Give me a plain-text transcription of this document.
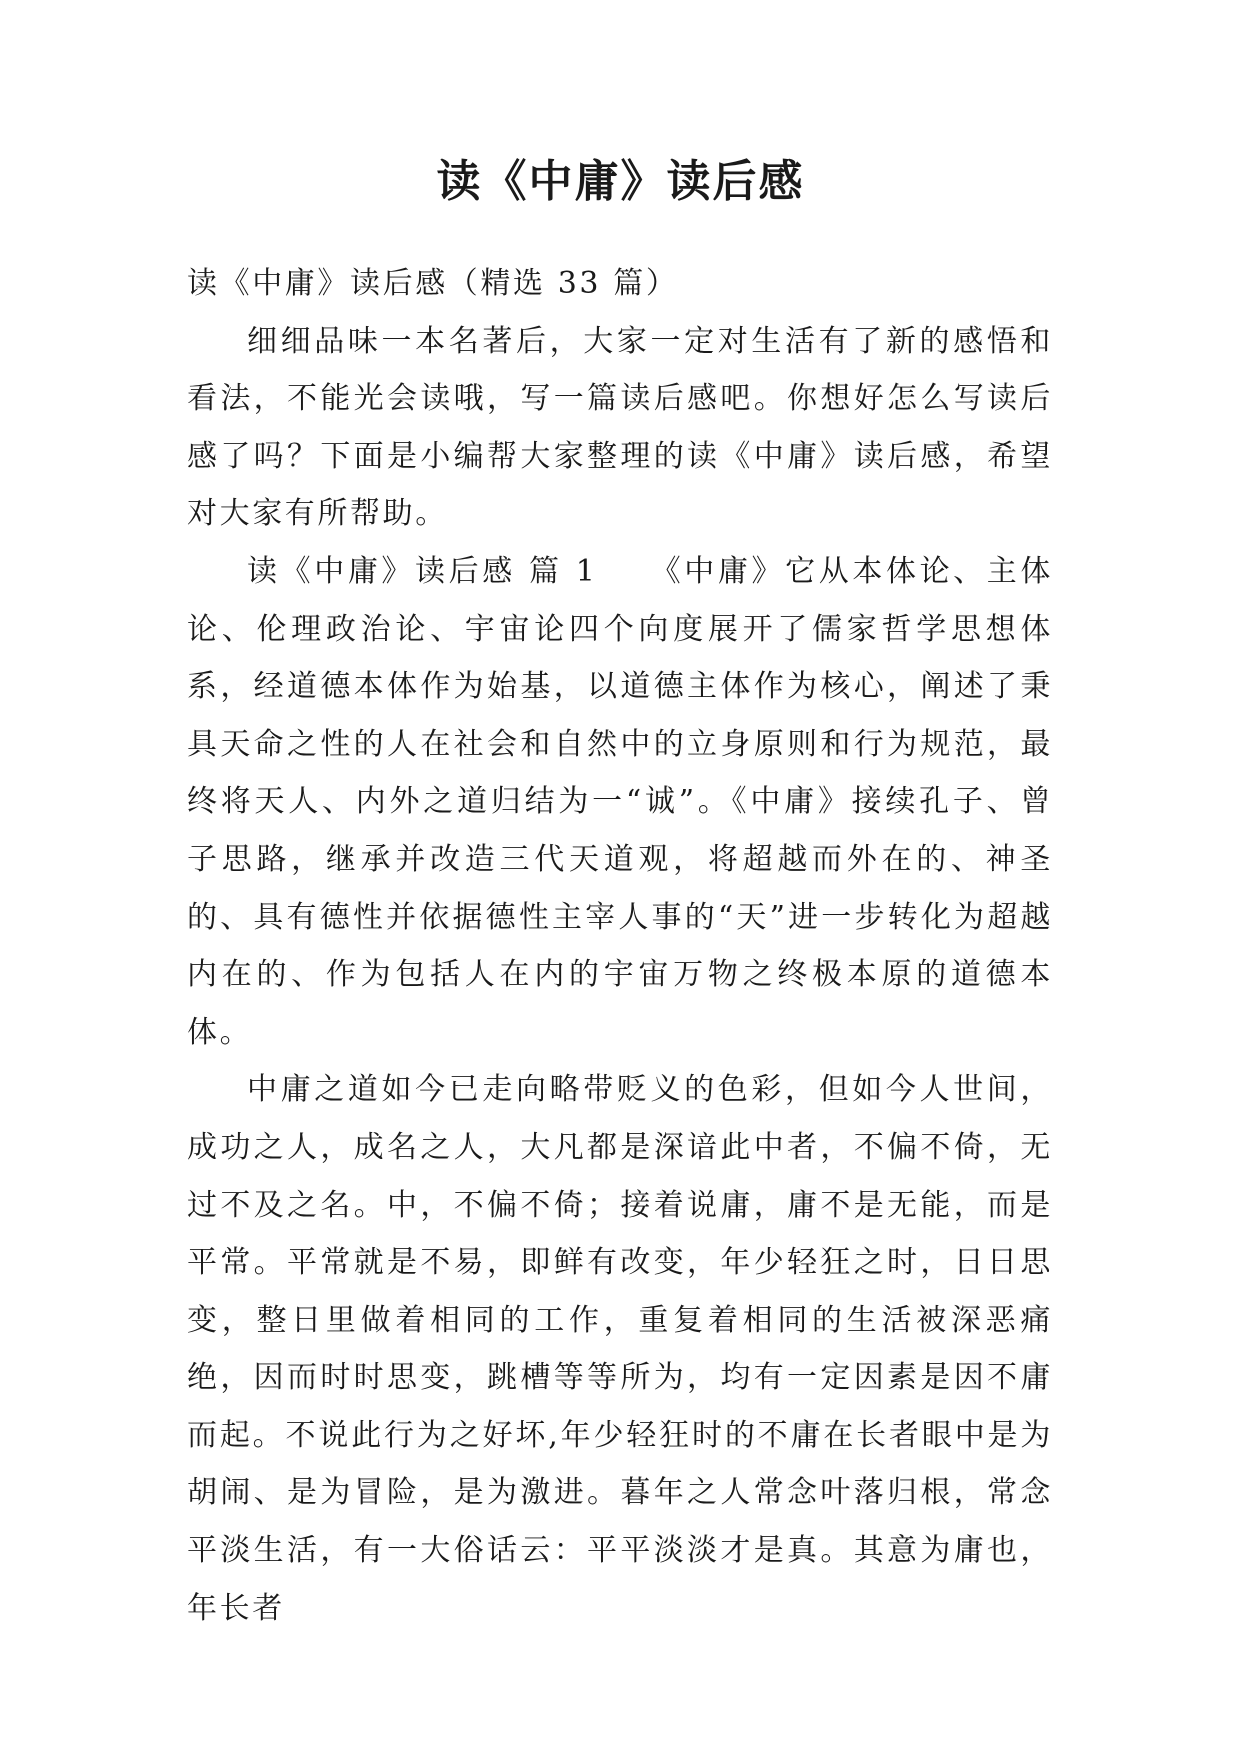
读《中庸》读后感

读《中庸》读后感（精选 33 篇）

细细品味一本名著后，大家一定对生活有了新的感悟和看法，不能光会读哦，写一篇读后感吧。你想好怎么写读后感了吗？下面是小编帮大家整理的读《中庸》读后感，希望对大家有所帮助。

读《中庸》读后感 篇 1　　《中庸》它从本体论、主体论、伦理政治论、宇宙论四个向度展开了儒家哲学思想体系，经道德本体作为始基，以道德主体作为核心，阐述了秉具天命之性的人在社会和自然中的立身原则和行为规范，最终将天人、内外之道归结为一“诚”。《中庸》接续孔子、曾子思路，继承并改造三代天道观，将超越而外在的、神圣的、具有德性并依据德性主宰人事的“天”进一步转化为超越内在的、作为包括人在内的宇宙万物之终极本原的道德本体。

中庸之道如今已走向略带贬义的色彩，但如今人世间，成功之人，成名之人，大凡都是深谙此中者，不偏不倚，无过不及之名。中，不偏不倚；接着说庸，庸不是无能，而是平常。平常就是不易，即鲜有改变，年少轻狂之时，日日思变，整日里做着相同的工作，重复着相同的生活被深恶痛绝，因而时时思变，跳槽等等所为，均有一定因素是因不庸而起。不说此行为之好坏,年少轻狂时的不庸在长者眼中是为胡闹、是为冒险，是为激进。暮年之人常念叶落归根，常念平淡生活，有一大俗话云：平平淡淡才是真。其意为庸也，年长者
